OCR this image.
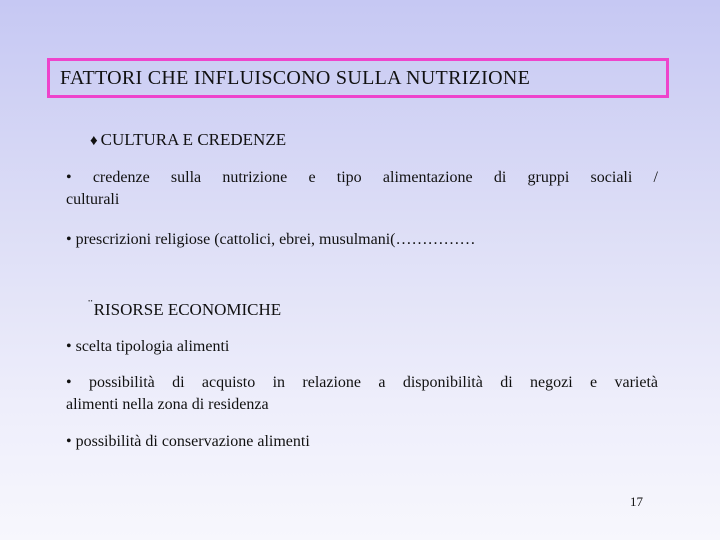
FATTORI CHE INFLUISCONO SULLA NUTRIZIONE
♦ CULTURA E CREDENZE
• credenze sulla nutrizione e tipo alimentazione di gruppi sociali /
culturali
• prescrizioni religiose (cattolici, ebrei, musulmani(……………
¨RISORSE ECONOMICHE
• scelta tipologia alimenti
• possibilità di acquisto in relazione a disponibilità di negozi e varietà
alimenti nella zona di residenza
• possibilità di conservazione alimenti
17
